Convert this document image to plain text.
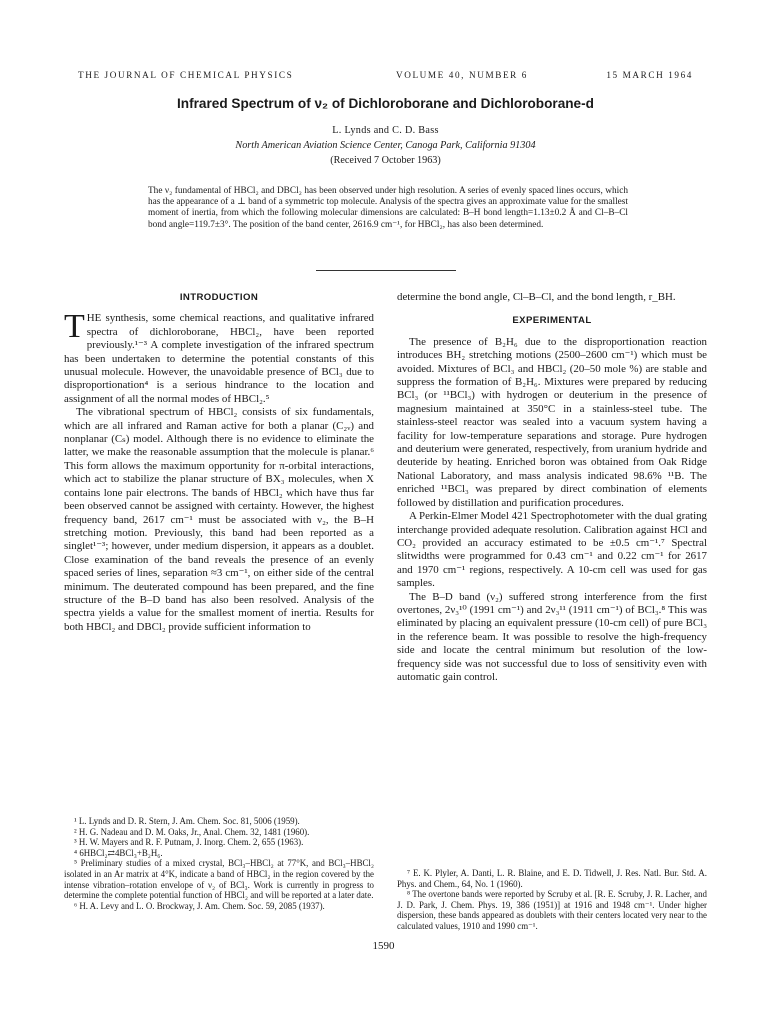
THE JOURNAL OF CHEMICAL PHYSICS	VOLUME 40, NUMBER 6	15 MARCH 1964
Infrared Spectrum of ν₂ of Dichloroborane and Dichloroborane-d
L. Lynds and C. D. Bass
North American Aviation Science Center, Canoga Park, California 91304
(Received 7 October 1963)
The ν₂ fundamental of HBCl₂ and DBCl₂ has been observed under high resolution. A series of evenly spaced lines occurs, which has the appearance of a ⊥ band of a symmetric top molecule. Analysis of the spectra gives an approximate value for the smallest moment of inertia, from which the following molecular dimensions are calculated: B–H bond length=1.13±0.2 Å and Cl–B–Cl bond angle=119.7±3°. The position of the band center, 2616.9 cm⁻¹, for HBCl₂, has also been determined.
INTRODUCTION

THE synthesis, some chemical reactions, and qualitative infrared spectra of dichloroborane, HBCl₂, have been reported previously.¹⁻³ A complete investigation of the infrared spectrum has been undertaken to determine the potential constants of this unusual molecule. However, the unavoidable presence of BCl₃ due to disproportionation⁴ is a serious hindrance to the location and assignment of all the normal modes of HBCl₂.⁵

The vibrational spectrum of HBCl₂ consists of six fundamentals, which are all infrared and Raman active for both a planar (C₂ᵥ) and nonplanar (Cₛ) model. Although there is no evidence to eliminate the latter, we make the reasonable assumption that the molecule is planar.⁶ This form allows the maximum opportunity for π-orbital interactions, which act to stabilize the planar structure of BX₃ molecules, when X contains lone pair electrons. The bands of HBCl₂ which have thus far been observed cannot be assigned with certainty. However, the highest frequency band, 2617 cm⁻¹ must be associated with ν₂, the B–H stretching motion. Previously, this band had been reported as a singlet¹⁻³; however, under medium dispersion, it appears as a doublet. Close examination of the band reveals the presence of an evenly spaced series of lines, separation ≈3 cm⁻¹, on either side of the central minimum. The deuterated compound has been prepared, and the fine structure of the B–D band has also been resolved. Analysis of the spectra yields a value for the smallest moment of inertia. Results for both HBCl₂ and DBCl₂ provide sufficient information to

determine the bond angle, Cl–B–Cl, and the bond length, r_BH.

EXPERIMENTAL

The presence of B₂H₆ due to the disproportionation reaction introduces BH₂ stretching motions (2500–2600 cm⁻¹) which must be avoided. Mixtures of BCl₃ and HBCl₂ (20–50 mole %) are stable and suppress the formation of B₂H₆. Mixtures were prepared by reducing BCl₃ (or ¹¹BCl₃) with hydrogen or deuterium in the presence of magnesium maintained at 350°C in a stainless-steel tube. The stainless-steel reactor was sealed into a vacuum system having a facility for low-temperature separations and storage. Pure hydrogen and deuterium were generated, respectively, from uranium hydride and deuteride by heating. Enriched boron was obtained from Oak Ridge National Laboratory, and mass analysis indicated 98.6% ¹¹B. The enriched ¹¹BCl₃ was prepared by direct combination of elements followed by distillation and purification procedures.

A Perkin-Elmer Model 421 Spectrophotometer with the dual grating interchange provided adequate resolution. Calibration against HCl and CO₂ provided an accuracy estimated to be ±0.5 cm⁻¹.⁷ Spectral slitwidths were programmed for 0.43 cm⁻¹ and 0.22 cm⁻¹ for 2617 and 1970 cm⁻¹ regions, respectively. A 10-cm cell was used for gas samples.

The B–D band (ν₂) suffered strong interference from the first overtones, 2ν₃¹⁰ (1991 cm⁻¹) and 2ν₃¹¹ (1911 cm⁻¹) of BCl₃.⁸ This was eliminated by placing an equivalent pressure (10-cm cell) of pure BCl₃ in the reference beam. It was possible to resolve the high-frequency side and locate the central minimum but resolution of the low-frequency side was not successful due to loss of sensitivity even with automatic gain control.

¹ L. Lynds and D. R. Stern, J. Am. Chem. Soc. 81, 5006 (1959).

² H. G. Nadeau and D. M. Oaks, Jr., Anal. Chem. 32, 1481 (1960).

³ H. W. Mayers and R. F. Putnam, J. Inorg. Chem. 2, 655 (1963).

⁴ 6HBCl₂⇄4BCl₃+B₂H₆.

⁵ Preliminary studies of a mixed crystal, BCl₃–HBCl₂ at 77°K, and BCl₃–HBCl₂ isolated in an Ar matrix at 4°K, indicate a band of HBCl₂ in the region covered by the intense vibration–rotation envelope of ν₂ of BCl₃. Work is currently in progress to determine the complete potential function of HBCl₂ and will be reported at a later date.

⁶ H. A. Levy and L. O. Brockway, J. Am. Chem. Soc. 59, 2085 (1937).

⁷ E. K. Plyler, A. Danti, L. R. Blaine, and E. D. Tidwell, J. Res. Natl. Bur. Std. A. Phys. and Chem., 64, No. 1 (1960).

⁸ The overtone bands were reported by Scruby et al. [R. E. Scruby, J. R. Lacher, and J. D. Park, J. Chem. Phys. 19, 386 (1951)] at 1916 and 1948 cm⁻¹. Under higher dispersion, these bands appeared as doublets with their centers located very near to the calculated values, 1910 and 1990 cm⁻¹.

1590
